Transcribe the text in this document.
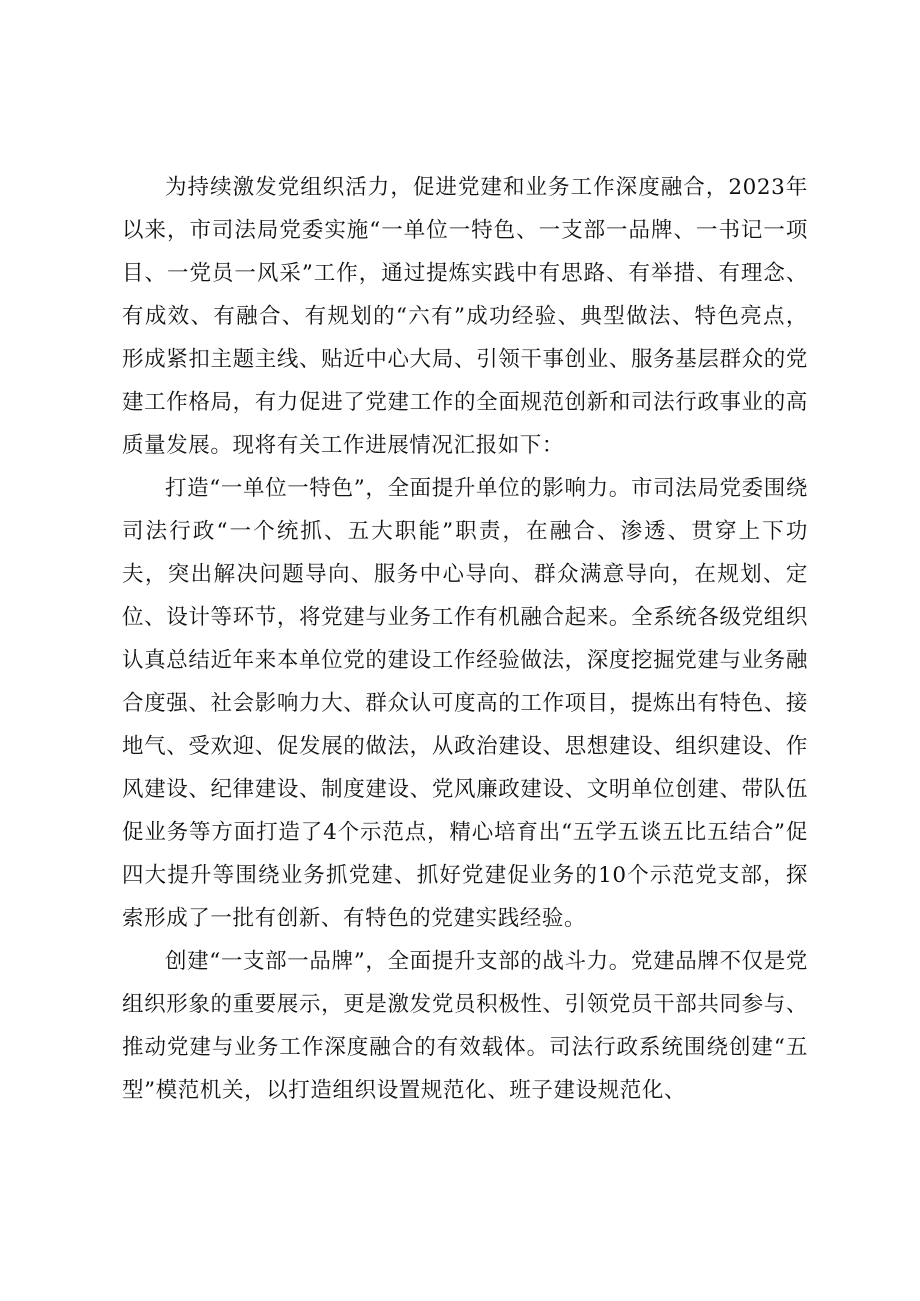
为持续激发党组织活力，促进党建和业务工作深度融合，2023年以来，市司法局党委实施“一单位一特色、一支部一品牌、一书记一项目、一党员一风采”工作，通过提炼实践中有思路、有举措、有理念、有成效、有融合、有规划的“六有”成功经验、典型做法、特色亮点，形成紧扣主题主线、贴近中心大局、引领干事创业、服务基层群众的党建工作格局，有力促进了党建工作的全面规范创新和司法行政事业的高质量发展。现将有关工作进展情况汇报如下：

打造“一单位一特色”，全面提升单位的影响力。市司法局党委围绕司法行政“一个统抓、五大职能”职责，在融合、渗透、贯穿上下功夫，突出解决问题导向、服务中心导向、群众满意导向，在规划、定位、设计等环节，将党建与业务工作有机融合起来。全系统各级党组织认真总结近年来本单位党的建设工作经验做法，深度挖掘党建与业务融合度强、社会影响力大、群众认可度高的工作项目，提炼出有特色、接地气、受欢迎、促发展的做法，从政治建设、思想建设、组织建设、作风建设、纪律建设、制度建设、党风廉政建设、文明单位创建、带队伍促业务等方面打造了4个示范点，精心培育出“五学五谈五比五结合”促四大提升等围绕业务抓党建、抓好党建促业务的10个示范党支部，探索形成了一批有创新、有特色的党建实践经验。

创建“一支部一品牌”，全面提升支部的战斗力。党建品牌不仅是党组织形象的重要展示，更是激发党员积极性、引领党员干部共同参与、推动党建与业务工作深度融合的有效载体。司法行政系统围绕创建“五型”模范机关，以打造组织设置规范化、班子建设规范化、
